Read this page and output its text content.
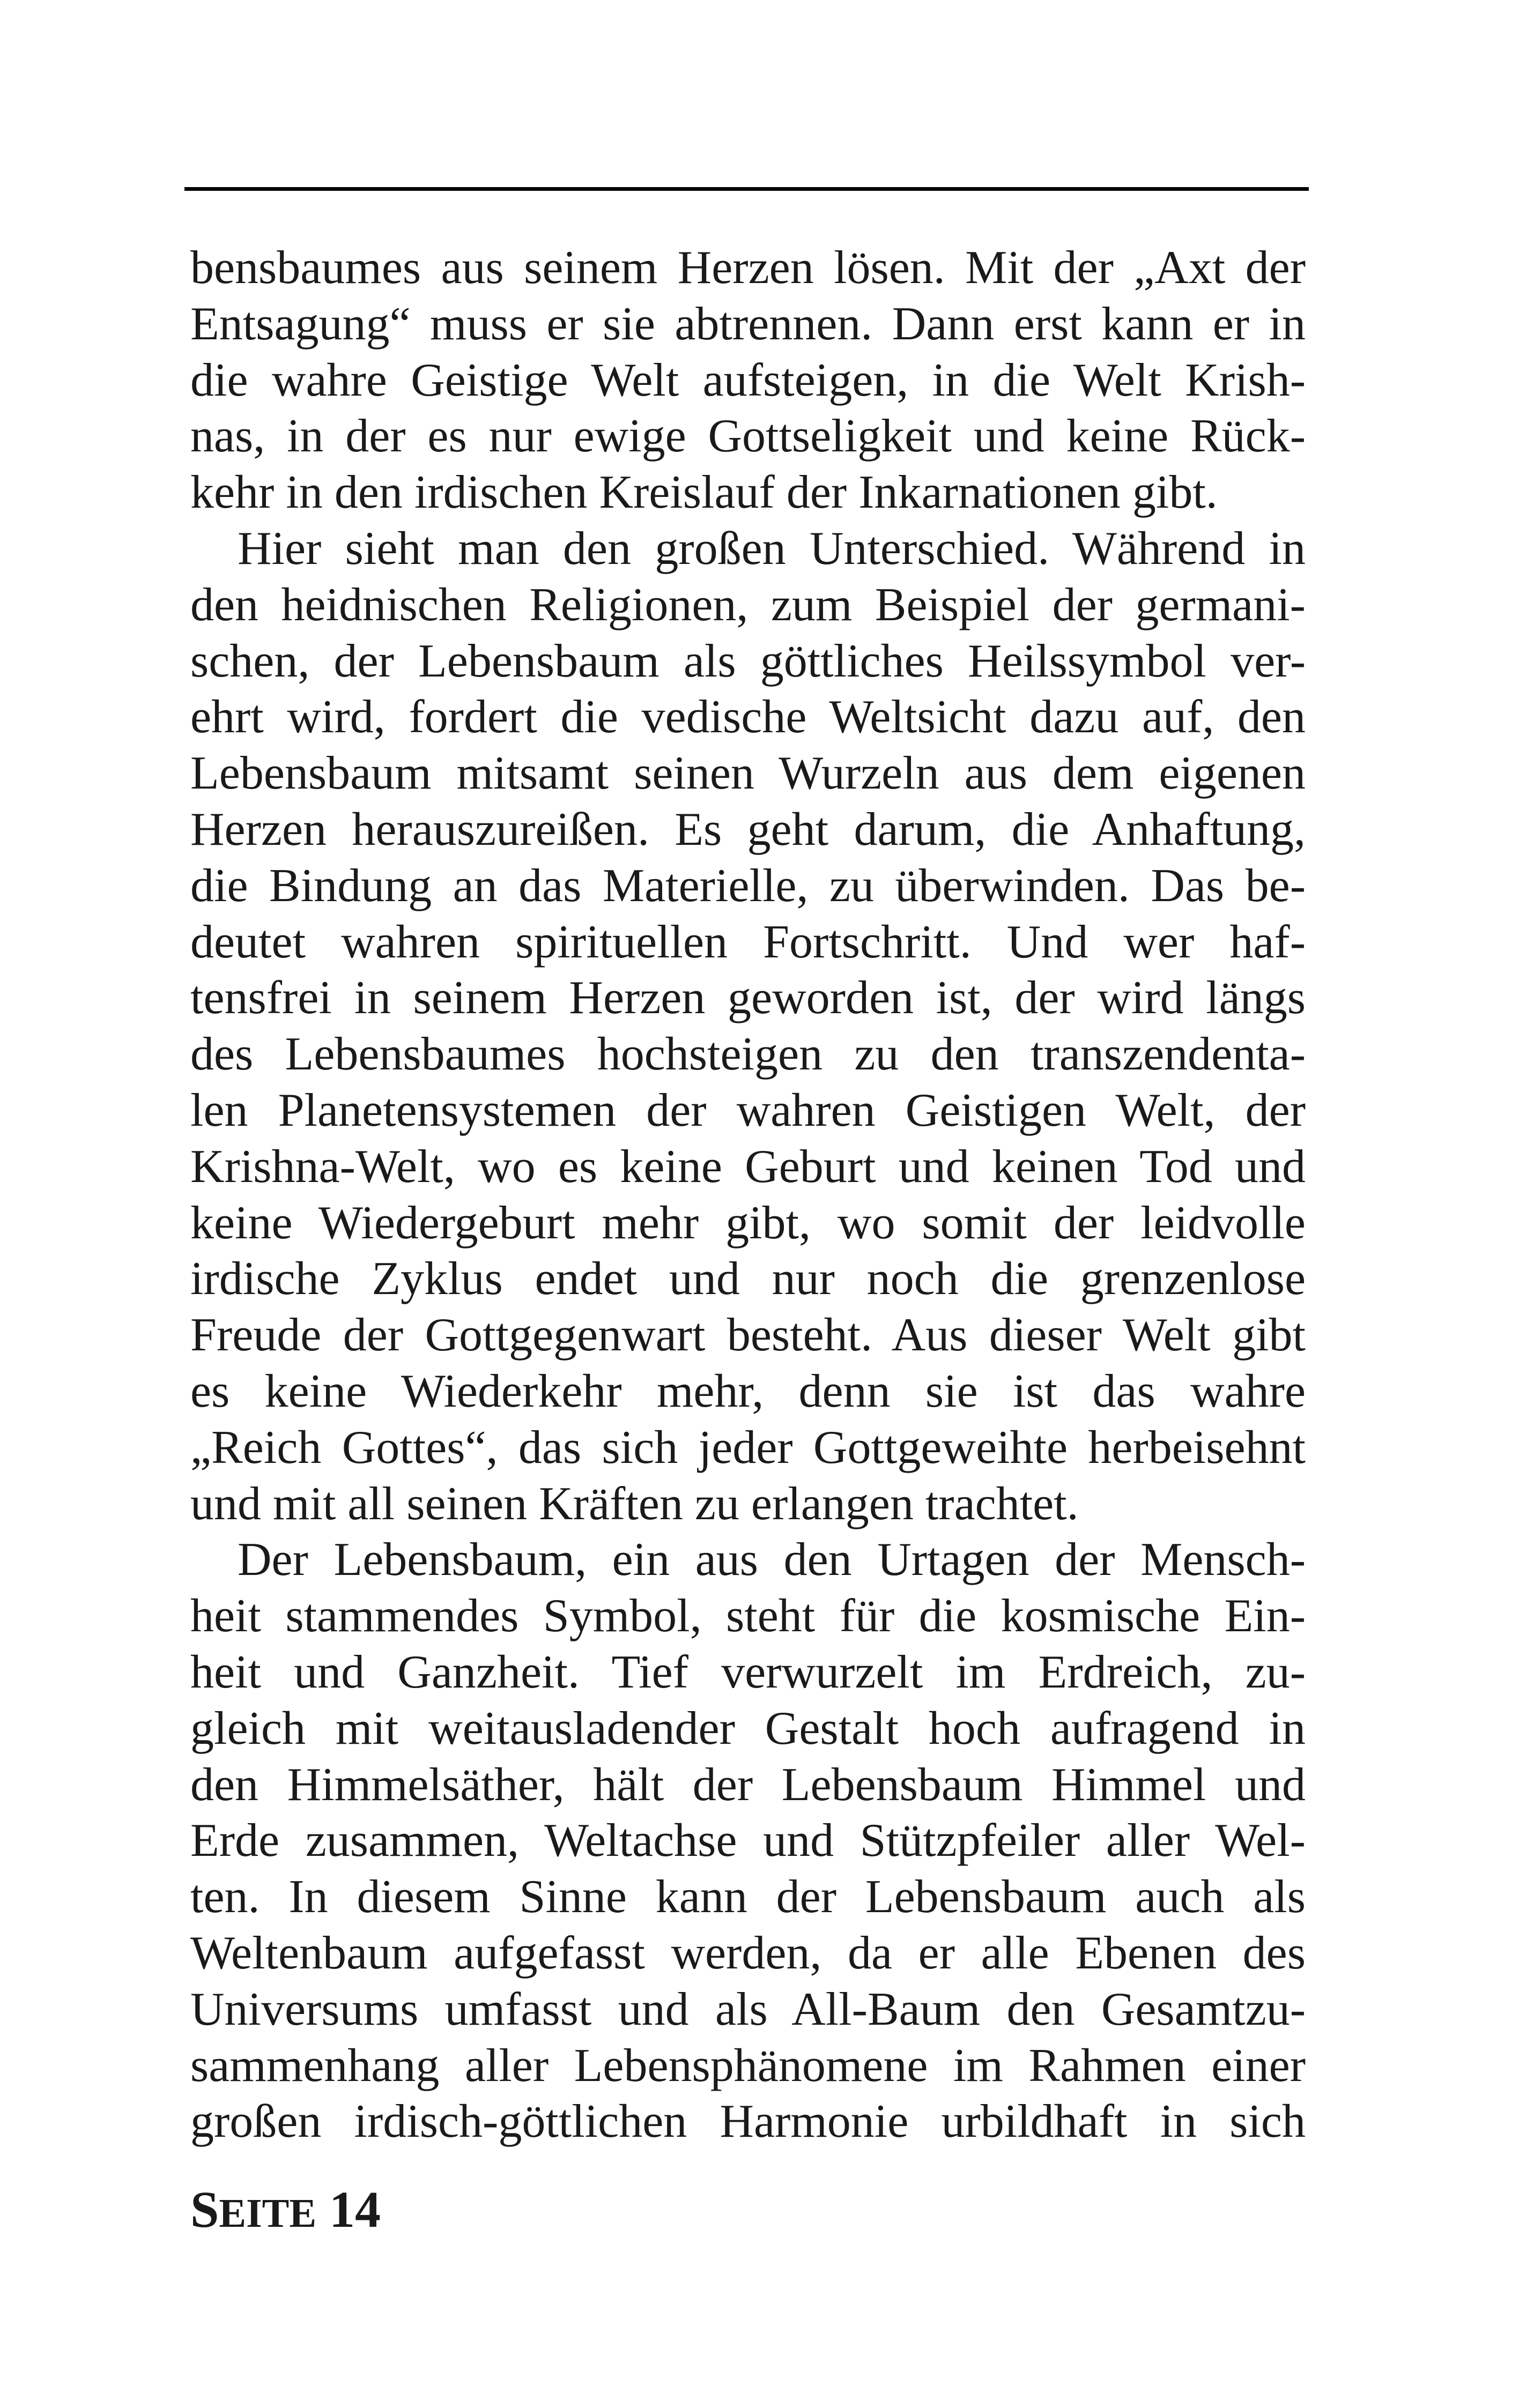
bensbaumes aus seinem Herzen lösen. Mit der „Axt der
Entsagung“ muss er sie abtrennen. Dann erst kann er in
die wahre Geistige Welt aufsteigen, in die Welt Krish-
nas, in der es nur ewige Gottseligkeit und keine Rück-
kehr in den irdischen Kreislauf der Inkarnationen gibt.
Hier sieht man den großen Unterschied. Während in
den heidnischen Religionen, zum Beispiel der germani-
schen, der Lebensbaum als göttliches Heilssymbol ver-
ehrt wird, fordert die vedische Weltsicht dazu auf, den
Lebensbaum mitsamt seinen Wurzeln aus dem eigenen
Herzen herauszureißen. Es geht darum, die Anhaftung,
die Bindung an das Materielle, zu überwinden. Das be-
deutet wahren spirituellen Fortschritt. Und wer haf-
tensfrei in seinem Herzen geworden ist, der wird längs
des Lebensbaumes hochsteigen zu den transzendenta-
len Planetensystemen der wahren Geistigen Welt, der
Krishna-Welt, wo es keine Geburt und keinen Tod und
keine Wiedergeburt mehr gibt, wo somit der leidvolle
irdische Zyklus endet und nur noch die grenzenlose
Freude der Gottgegenwart besteht. Aus dieser Welt gibt
es keine Wiederkehr mehr, denn sie ist das wahre
„Reich Gottes“, das sich jeder Gottgeweihte herbeisehnt
und mit all seinen Kräften zu erlangen trachtet.
Der Lebensbaum, ein aus den Urtagen der Mensch-
heit stammendes Symbol, steht für die kosmische Ein-
heit und Ganzheit. Tief verwurzelt im Erdreich, zu-
gleich mit weitausladender Gestalt hoch aufragend in
den Himmelsäther, hält der Lebensbaum Himmel und
Erde zusammen, Weltachse und Stützpfeiler aller Wel-
ten. In diesem Sinne kann der Lebensbaum auch als
Weltenbaum aufgefasst werden, da er alle Ebenen des
Universums umfasst und als All-Baum den Gesamtzu-
sammenhang aller Lebensphänomene im Rahmen einer
großen irdisch-göttlichen Harmonie urbildhaft in sich
SEITE 14
